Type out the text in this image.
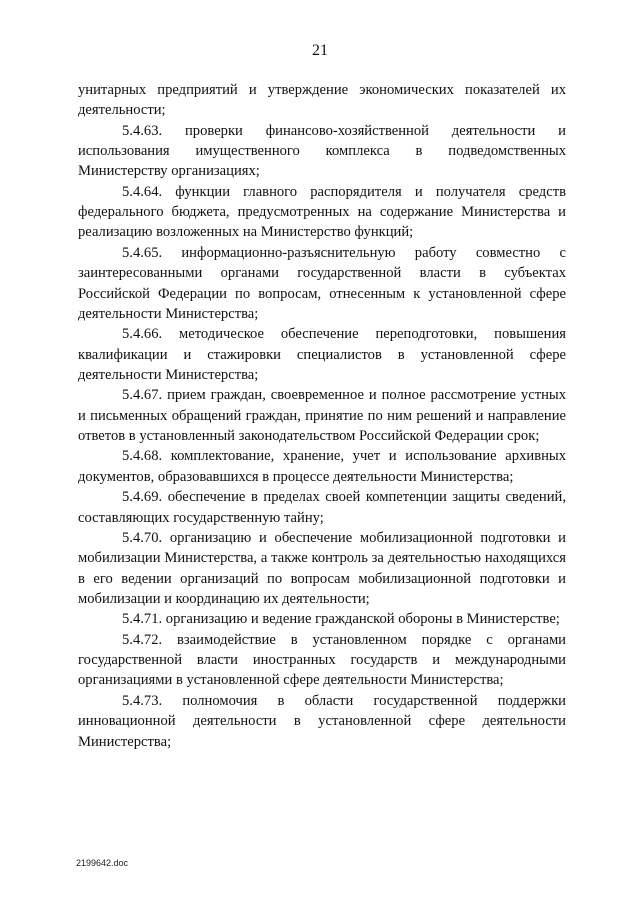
21

унитарных предприятий и утверждение экономических показателей их деятельности;

5.4.63. проверки финансово-хозяйственной деятельности и использования имущественного комплекса в подведомственных Министерству организациях;

5.4.64. функции главного распорядителя и получателя средств федерального бюджета, предусмотренных на содержание Министерства и реализацию возложенных на Министерство функций;

5.4.65. информационно-разъяснительную работу совместно с заинтересованными органами государственной власти в субъектах Российской Федерации по вопросам, отнесенным к установленной сфере деятельности Министерства;

5.4.66. методическое обеспечение переподготовки, повышения квалификации и стажировки специалистов в установленной сфере деятельности Министерства;

5.4.67. прием граждан, своевременное и полное рассмотрение устных и письменных обращений граждан, принятие по ним решений и направление ответов в установленный законодательством Российской Федерации срок;

5.4.68. комплектование, хранение, учет и использование архивных документов, образовавшихся в процессе деятельности Министерства;

5.4.69. обеспечение в пределах своей компетенции защиты сведений, составляющих государственную тайну;

5.4.70. организацию и обеспечение мобилизационной подготовки и мобилизации Министерства, а также контроль за деятельностью находящихся в его ведении организаций по вопросам мобилизационной подготовки и мобилизации и координацию их деятельности;

5.4.71. организацию и ведение гражданской обороны в Министерстве;

5.4.72. взаимодействие в установленном порядке с органами государственной власти иностранных государств и международными организациями в установленной сфере деятельности Министерства;

5.4.73. полномочия в области государственной поддержки инновационной деятельности в установленной сфере деятельности Министерства;

2199642.doc
